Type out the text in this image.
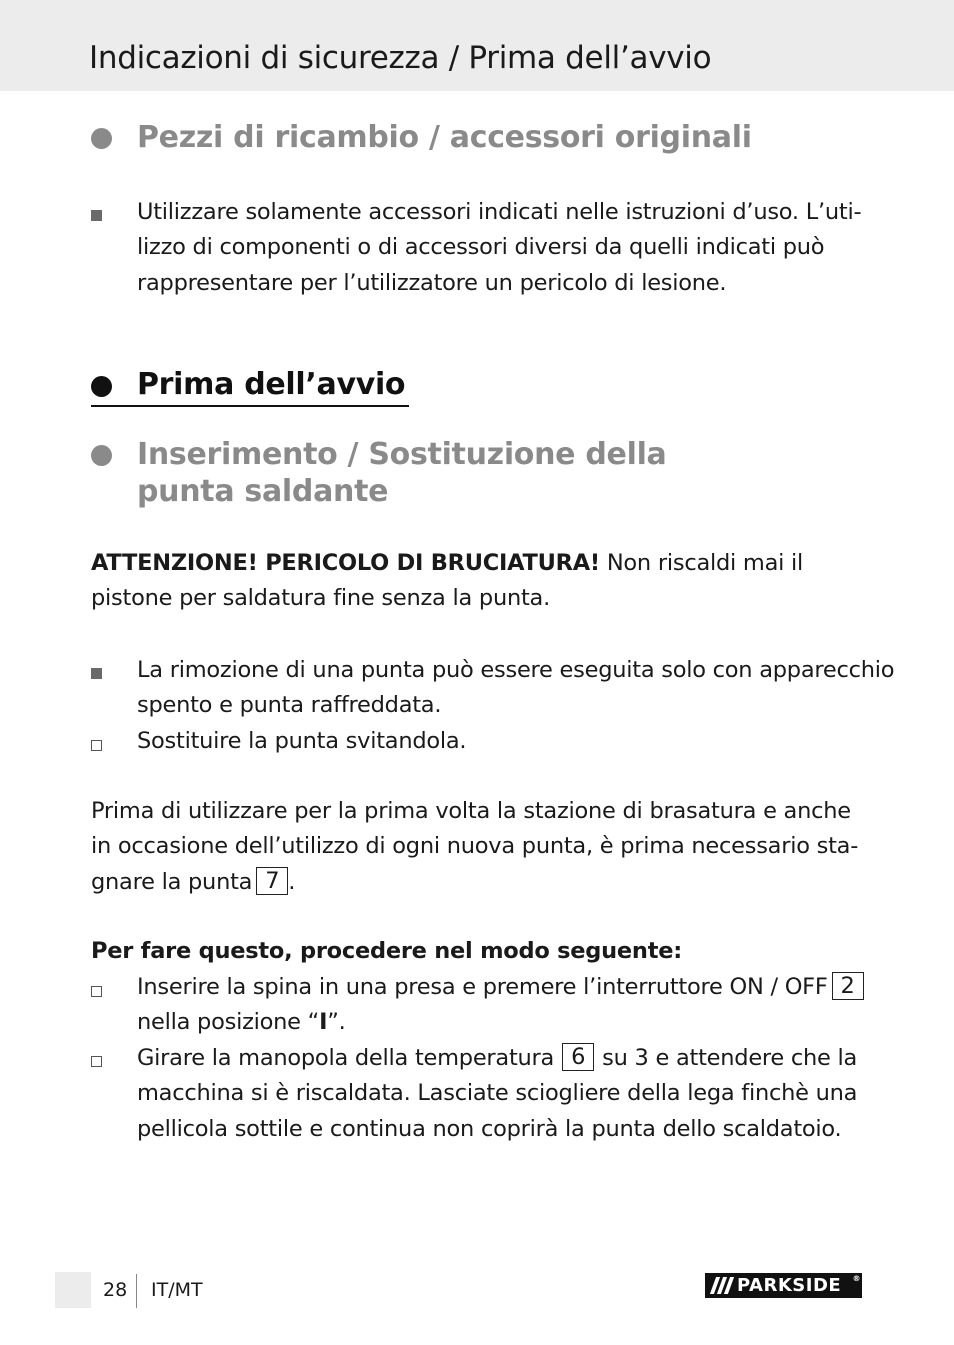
Indicazioni di sicurezza / Prima dell’avvio
Pezzi di ricambio / accessori originali
Utilizzare solamente accessori indicati nelle istruzioni d’uso. L’uti-
lizzo di componenti o di accessori diversi da quelli indicati può
rappresentare per l’utilizzatore un pericolo di lesione.
Prima dell’avvio
Inserimento / Sostituzione della
punta saldante
ATTENZIONE! PERICOLO DI BRUCIATURA! Non riscaldi mai il
pistone per saldatura fine senza la punta.
La rimozione di una punta può essere eseguita solo con apparecchio
spento e punta raffreddata.
Sostituire la punta svitandola.
Prima di utilizzare per la prima volta la stazione di brasatura e anche
in occasione dell’utilizzo di ogni nuova punta, è prima necessario sta-
gnare la punta 7 .
Per fare questo, procedere nel modo seguente:
Inserire la spina in una presa e premere l’interruttore ON / OFF 2
nella posizione “I”.
Girare la manopola della temperatura 6 su 3 e attendere che la
macchina si è riscaldata. Lasciate sciogliere della lega finchè una
pellicola sottile e continua non coprirà la punta dello scaldatoio.
28 IT/MT	PARKSIDE ®
